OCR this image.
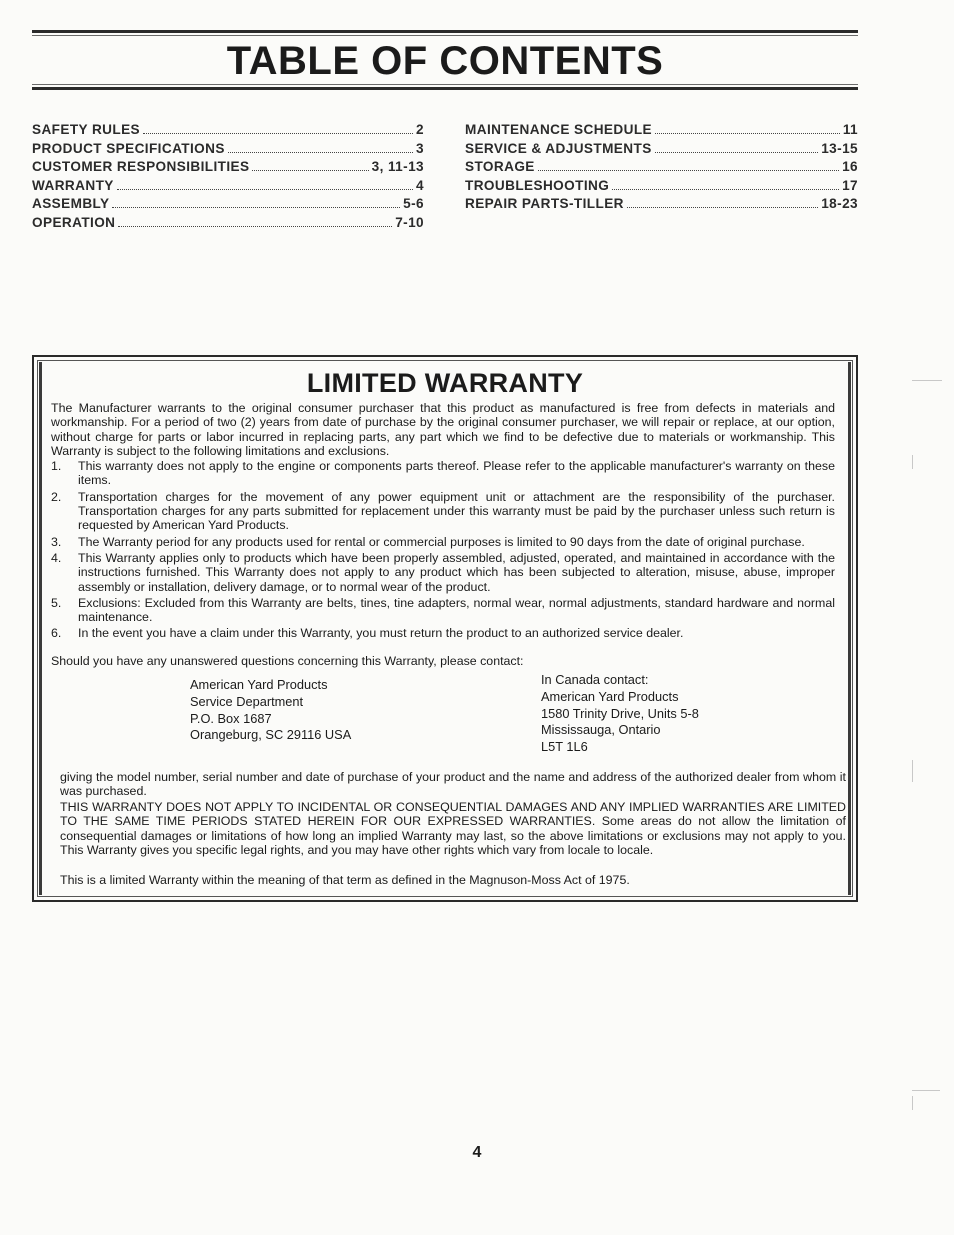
TABLE OF CONTENTS
SAFETY RULES	2
PRODUCT SPECIFICATIONS	3
CUSTOMER RESPONSIBILITIES	3, 11-13
WARRANTY	4
ASSEMBLY	5-6
OPERATION	7-10
MAINTENANCE SCHEDULE	11
SERVICE & ADJUSTMENTS	13-15
STORAGE	16
TROUBLESHOOTING	17
REPAIR PARTS-TILLER	18-23
LIMITED WARRANTY

The Manufacturer warrants to the original consumer purchaser that this product as manufactured is free from defects in materials and workmanship. For a period of two (2) years from date of purchase by the original consumer purchaser, we will repair or replace, at our option, without charge for parts or labor incurred in replacing parts, any part which we find to be defective due to materials or workmanship. This Warranty is subject to the following limitations and exclusions.

1. This warranty does not apply to the engine or components parts thereof. Please refer to the applicable manufacturer's warranty on these items.
2. Transportation charges for the movement of any power equipment unit or attachment are the responsibility of the purchaser. Transportation charges for any parts submitted for replacement under this warranty must be paid by the purchaser unless such return is requested by American Yard Products.
3. The Warranty period for any products used for rental or commercial purposes is limited to 90 days from the date of original purchase.
4. This Warranty applies only to products which have been properly assembled, adjusted, operated, and maintained in accordance with the instructions furnished. This Warranty does not apply to any product which has been subjected to alteration, misuse, abuse, improper assembly or installation, delivery damage, or to normal wear of the product.
5. Exclusions: Excluded from this Warranty are belts, tines, tine adapters, normal wear, normal adjustments, standard hardware and normal maintenance.
6. In the event you have a claim under this Warranty, you must return the product to an authorized service dealer.

Should you have any unanswered questions concerning this Warranty, please contact:

American Yard Products
Service Department
P.O. Box 1687
Orangeburg, SC 29116 USA
In Canada contact:
American Yard Products
1580 Trinity Drive, Units 5-8
Mississauga, Ontario
L5T 1L6

giving the model number, serial number and date of purchase of your product and the name and address of the authorized dealer from whom it was purchased.

THIS WARRANTY DOES NOT APPLY TO INCIDENTAL OR CONSEQUENTIAL DAMAGES AND ANY IMPLIED WARRANTIES ARE LIMITED TO THE SAME TIME PERIODS STATED HEREIN FOR OUR EXPRESSED WARRANTIES. Some areas do not allow the limitation of consequential damages or limitations of how long an implied Warranty may last, so the above limitations or exclusions may not apply to you. This Warranty gives you specific legal rights, and you may have other rights which vary from locale to locale.

This is a limited Warranty within the meaning of that term as defined in the Magnuson-Moss Act of 1975.

4
